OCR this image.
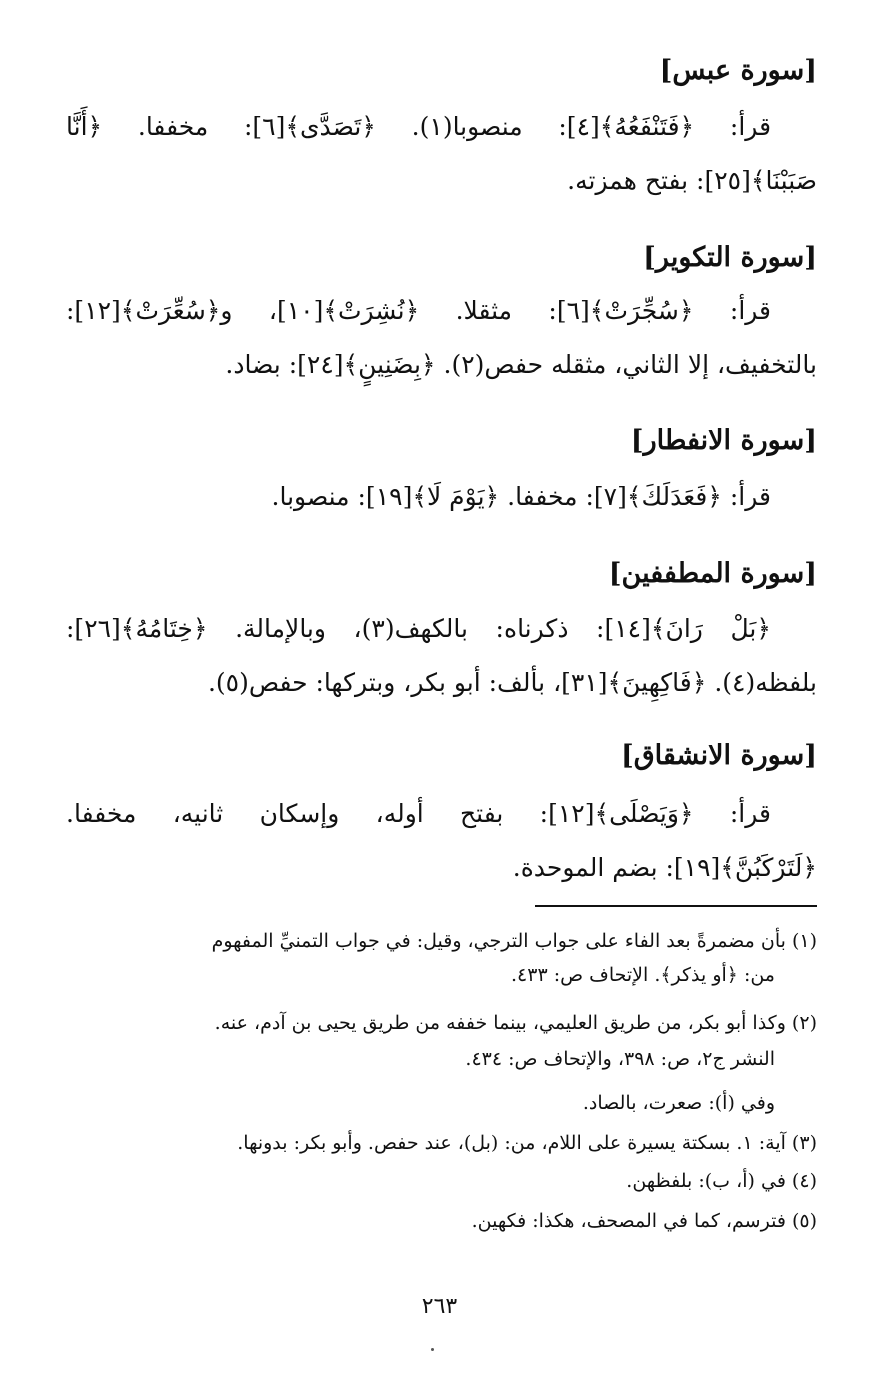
[سورة عبس]
قرأ: ﴿فَتَنْفَعُهُ﴾[٤]: منصوبا(١). ﴿تَصَدَّى﴾[٦]: مخففا. ﴿أَنَّا
صَبَبْنَا﴾[٢٥]: بفتح همزته.
[سورة التكوير]
قرأ: ﴿سُجِّرَتْ﴾[٦]: مثقلا. ﴿نُشِرَتْ﴾[١٠]، و﴿سُعِّرَتْ﴾[١٢]:
بالتخفيف، إلا الثاني، مثقله حفص(٢). ﴿بِضَنِينٍ﴾[٢٤]: بضاد.
[سورة الانفطار]
قرأ: ﴿فَعَدَلَكَ﴾[٧]: مخففا. ﴿يَوْمَ لَا﴾[١٩]: منصوبا.
[سورة المطففين]
﴿بَلْ رَانَ﴾[١٤]: ذكرناه: بالكهف(٣)، وبالإمالة. ﴿خِتَامُهُ﴾[٢٦]:
بلفظه(٤). ﴿فَاكِهِينَ﴾[٣١]، بألف: أبو بكر، وبتركها: حفص(٥).
[سورة الانشقاق]
قرأ: ﴿وَيَصْلَى﴾[١٢]: بفتح أوله، وإسكان ثانيه، مخففا.
﴿لَتَرْكَبُنَّ﴾[١٩]: بضم الموحدة.
(١) بأن مضمرةً بعد الفاء على جواب الترجي، وقيل: في جواب التمنيِّ المفهوم
من: ﴿أو يذكر﴾. الإتحاف ص: ٤٣٣.
(٢) وكذا أبو بكر، من طريق العليمي، بينما خففه من طريق يحيى بن آدم، عنه.
النشر ج٢، ص: ٣٩٨، والإتحاف ص: ٤٣٤.
وفي (أ): صعرت، بالصاد.
(٣) آية: ١. بسكتة يسيرة على اللام، من: (بل)، عند حفص. وأبو بكر: بدونها.
(٤) في (أ، ب): بلفظهن.
(٥) فترسم، كما في المصحف، هكذا: فكهين.
٢٦٣
